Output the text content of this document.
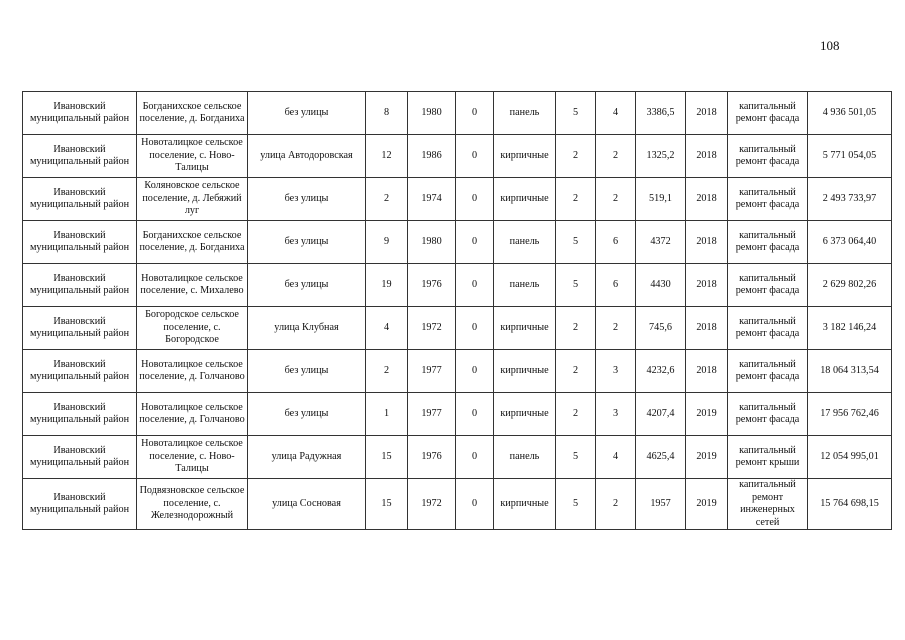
108
Ивановский муниципальный район	Богданихское сельское поселение, д. Богданиха	без улицы	8	1980	0	панель	5	4	3386,5	2018	капитальный ремонт фасада	4 936 501,05
Ивановский муниципальный район	Новоталицкое сельское поселение, с. Ново-Талицы	улица Автодоровская	12	1986	0	кирпичные	2	2	1325,2	2018	капитальный ремонт фасада	5 771 054,05
Ивановский муниципальный район	Коляновское сельское поселение, д. Лебяжий луг	без улицы	2	1974	0	кирпичные	2	2	519,1	2018	капитальный ремонт фасада	2 493 733,97
Ивановский муниципальный район	Богданихское сельское поселение, д. Богданиха	без улицы	9	1980	0	панель	5	6	4372	2018	капитальный ремонт фасада	6 373 064,40
Ивановский муниципальный район	Новоталицкое сельское поселение, с. Михалево	без улицы	19	1976	0	панель	5	6	4430	2018	капитальный ремонт фасада	2 629 802,26
Ивановский муниципальный район	Богородское сельское поселение, с. Богородское	улица Клубная	4	1972	0	кирпичные	2	2	745,6	2018	капитальный ремонт фасада	3 182 146,24
Ивановский муниципальный район	Новоталицкое сельское поселение, д. Голчаново	без улицы	2	1977	0	кирпичные	2	3	4232,6	2018	капитальный ремонт фасада	18 064 313,54
Ивановский муниципальный район	Новоталицкое сельское поселение, д. Голчаново	без улицы	1	1977	0	кирпичные	2	3	4207,4	2019	капитальный ремонт фасада	17 956 762,46
Ивановский муниципальный район	Новоталицкое сельское поселение, с. Ново-Талицы	улица Радужная	15	1976	0	панель	5	4	4625,4	2019	капитальный ремонт крыши	12 054 995,01
Ивановский муниципальный район	Подвязновское сельское поселение, с. Железнодорожный	улица Сосновая	15	1972	0	кирпичные	5	2	1957	2019	капитальный ремонт инженерных сетей	15 764 698,15
